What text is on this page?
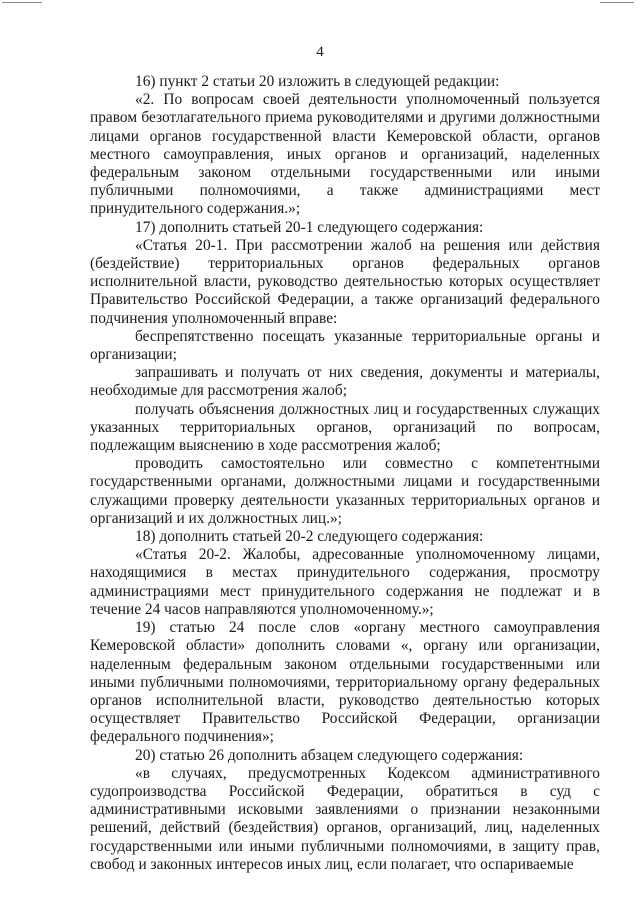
4

16) пункт 2 статьи 20 изложить в следующей редакции:

«2. По вопросам своей деятельности уполномоченный пользуется правом безотлагательного приема руководителями и другими должностными лицами органов государственной власти Кемеровской области, органов местного самоуправления, иных органов и организаций, наделенных федеральным законом отдельными государственными или иными публичными полномочиями, а также администрациями мест принудительного содержания.»;

17) дополнить статьей 20-1 следующего содержания:

«Статья 20-1. При рассмотрении жалоб на решения или действия (бездействие) территориальных органов федеральных органов исполнительной власти, руководство деятельностью которых осуществляет Правительство Российской Федерации, а также организаций федерального подчинения уполномоченный вправе:

беспрепятственно посещать указанные территориальные органы и организации;

запрашивать и получать от них сведения, документы и материалы, необходимые для рассмотрения жалоб;

получать объяснения должностных лиц и государственных служащих указанных территориальных органов, организаций по вопросам, подлежащим выяснению в ходе рассмотрения жалоб;

проводить самостоятельно или совместно с компетентными государственными органами, должностными лицами и государственными служащими проверку деятельности указанных территориальных органов и организаций и их должностных лиц.»;

18) дополнить статьей 20-2 следующего содержания:

«Статья 20-2. Жалобы, адресованные уполномоченному лицами, находящимися в местах принудительного содержания, просмотру администрациями мест принудительного содержания не подлежат и в течение 24 часов направляются уполномоченному.»;

19) статью 24 после слов «органу местного самоуправления Кемеровской области» дополнить словами «, органу или организации, наделенным федеральным законом отдельными государственными или иными публичными полномочиями, территориальному органу федеральных органов исполнительной власти, руководство деятельностью которых осуществляет Правительство Российской Федерации, организации федерального подчинения»;

20) статью 26 дополнить абзацем следующего содержания:

«в случаях, предусмотренных Кодексом административного судопроизводства Российской Федерации, обратиться в суд с административными исковыми заявлениями о признании незаконными решений, действий (бездействия) органов, организаций, лиц, наделенных государственными или иными публичными полномочиями, в защиту прав, свобод и законных интересов иных лиц, если полагает, что оспариваемые
